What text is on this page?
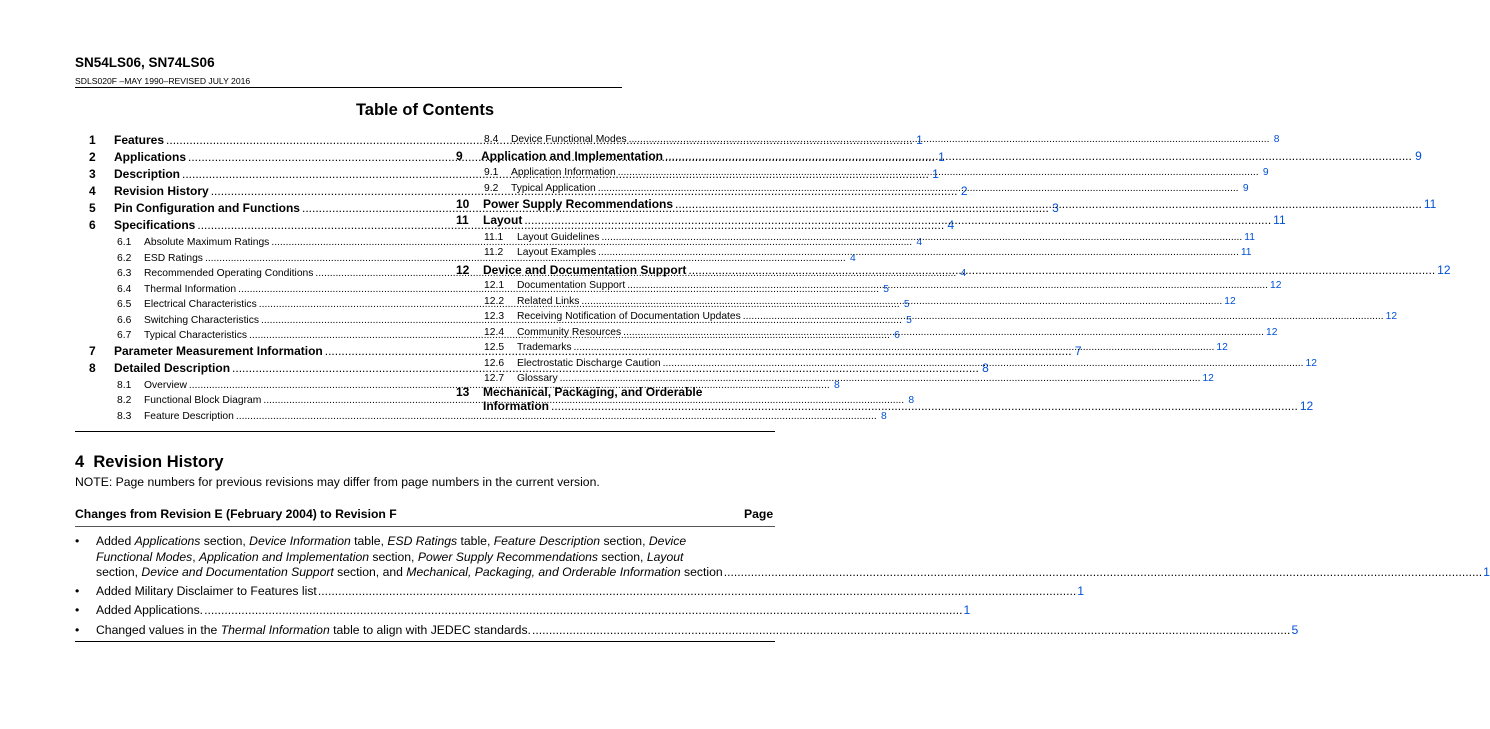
SN54LS06, SN74LS06
SDLS020F –MAY 1990–REVISED JULY 2016
Table of Contents
1	Features .....	1
2	Applications .....	1
3	Description .....	1
4	Revision History .....	2
5	Pin Configuration and Functions .....	3
6	Specifications .....	4
6.1	Absolute Maximum Ratings .....	4
6.2	ESD Ratings .....	4
6.3	Recommended Operating Conditions .....	4
6.4	Thermal Information .....	5
6.5	Electrical Characteristics .....	5
6.6	Switching Characteristics .....	5
6.7	Typical Characteristics .....	6
7	Parameter Measurement Information .....	7
8	Detailed Description .....	8
8.1	Overview .....	8
8.2	Functional Block Diagram .....	8
8.3	Feature Description .....	8
8.4	Device Functional Modes .....	8
9	Application and Implementation .....	9
9.1	Application Information .....	9
9.2	Typical Application .....	9
10	Power Supply Recommendations .....	11
11	Layout .....	11
11.1	Layout Guidelines .....	11
11.2	Layout Examples .....	11
12	Device and Documentation Support .....	12
12.1	Documentation Support .....	12
12.2	Related Links .....	12
12.3	Receiving Notification of Documentation Updates .....	12
12.4	Community Resources .....	12
12.5	Trademarks .....	12
12.6	Electrostatic Discharge Caution .....	12
12.7	Glossary .....	12
13	Mechanical, Packaging, and Orderable
Information .....	12
4 Revision History
NOTE: Page numbers for previous revisions may differ from page numbers in the current version.
Changes from Revision E (February 2004) to Revision F	Page
• Added Applications section, Device Information table, ESD Ratings table, Feature Description section, Device
Functional Modes, Application and Implementation section, Power Supply Recommendations section, Layout
section, Device and Documentation Support section, and Mechanical, Packaging, and Orderable Information section .....	1
• Added Military Disclaimer to Features list .....	1
• Added Applications. .....	1
• Changed values in the Thermal Information table to align with JEDEC standards. .....	5
